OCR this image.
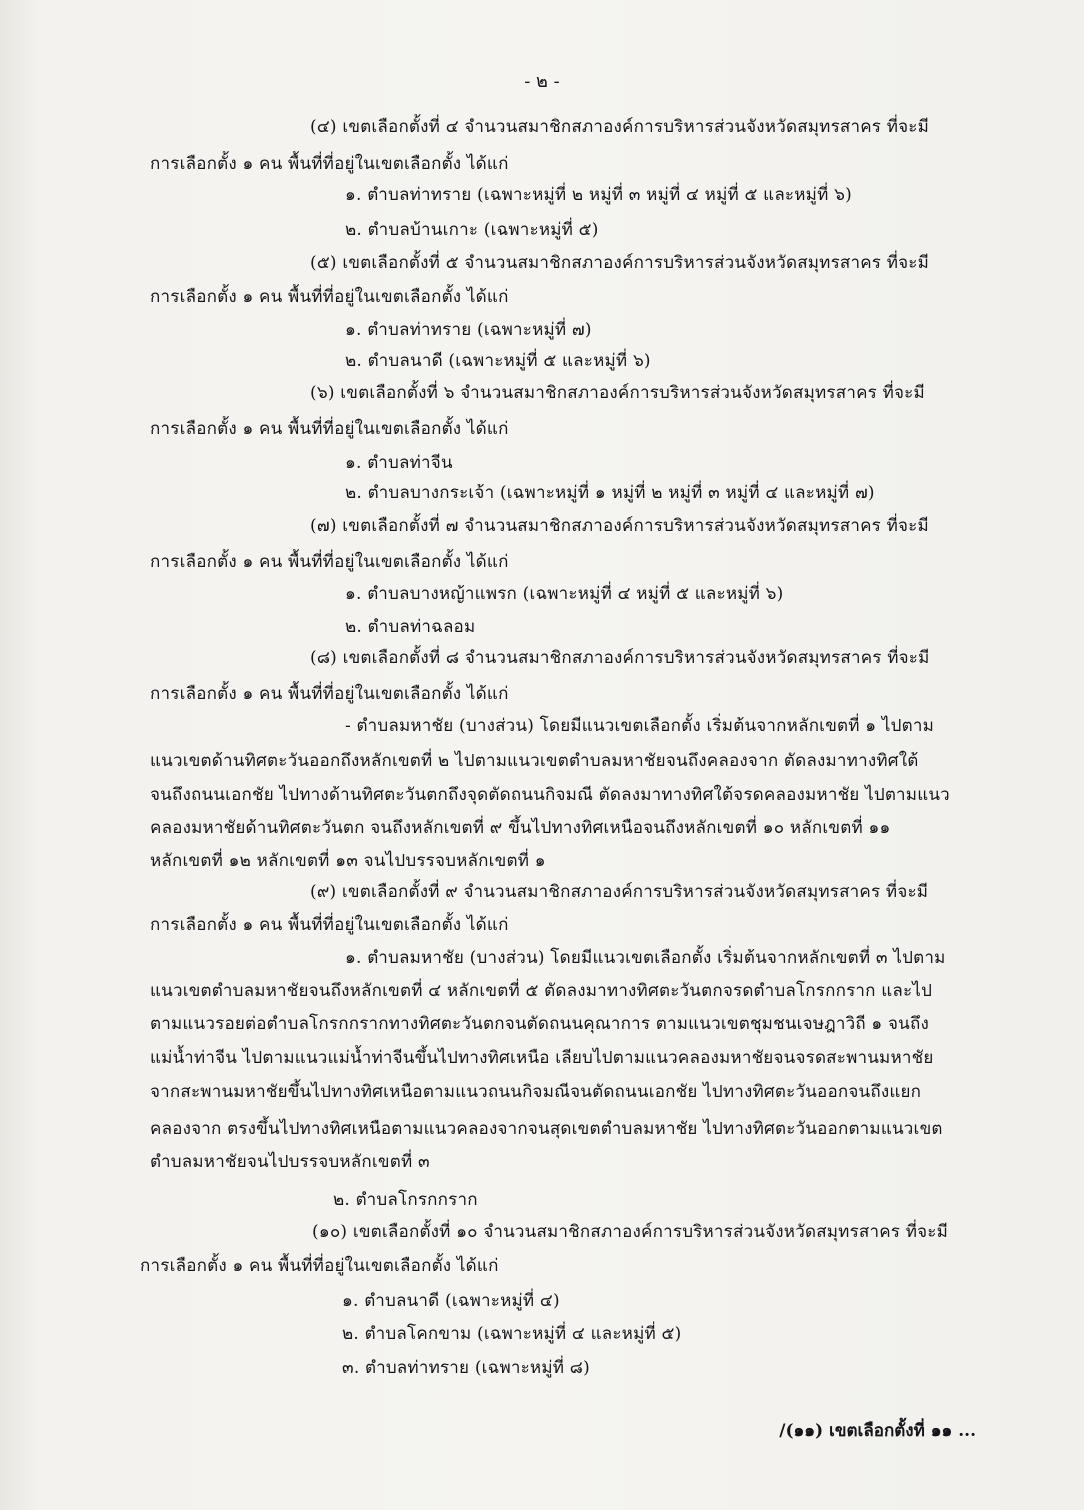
- ๒ -
(๔) เขตเลือกตั้งที่ ๔ จำนวนสมาชิกสภาองค์การบริหารส่วนจังหวัดสมุทรสาคร ที่จะมี
การเลือกตั้ง ๑ คน พื้นที่ที่อยู่ในเขตเลือกตั้ง ได้แก่
๑. ตำบลท่าทราย (เฉพาะหมู่ที่ ๒ หมู่ที่ ๓ หมู่ที่ ๔ หมู่ที่ ๕ และหมู่ที่ ๖)
๒. ตำบลบ้านเกาะ (เฉพาะหมู่ที่ ๕)
(๕) เขตเลือกตั้งที่ ๕ จำนวนสมาชิกสภาองค์การบริหารส่วนจังหวัดสมุทรสาคร ที่จะมี
การเลือกตั้ง ๑ คน พื้นที่ที่อยู่ในเขตเลือกตั้ง ได้แก่
๑. ตำบลท่าทราย (เฉพาะหมู่ที่ ๗)
๒. ตำบลนาดี (เฉพาะหมู่ที่ ๕ และหมู่ที่ ๖)
(๖) เขตเลือกตั้งที่ ๖ จำนวนสมาชิกสภาองค์การบริหารส่วนจังหวัดสมุทรสาคร ที่จะมี
การเลือกตั้ง ๑ คน พื้นที่ที่อยู่ในเขตเลือกตั้ง ได้แก่
๑. ตำบลท่าจีน
๒. ตำบลบางกระเจ้า (เฉพาะหมู่ที่ ๑ หมู่ที่ ๒ หมู่ที่ ๓ หมู่ที่ ๔ และหมู่ที่ ๗)
(๗) เขตเลือกตั้งที่ ๗ จำนวนสมาชิกสภาองค์การบริหารส่วนจังหวัดสมุทรสาคร ที่จะมี
การเลือกตั้ง ๑ คน พื้นที่ที่อยู่ในเขตเลือกตั้ง ได้แก่
๑. ตำบลบางหญ้าแพรก (เฉพาะหมู่ที่ ๔ หมู่ที่ ๕ และหมู่ที่ ๖)
๒. ตำบลท่าฉลอม
(๘) เขตเลือกตั้งที่ ๘ จำนวนสมาชิกสภาองค์การบริหารส่วนจังหวัดสมุทรสาคร ที่จะมี
การเลือกตั้ง ๑ คน พื้นที่ที่อยู่ในเขตเลือกตั้ง ได้แก่
- ตำบลมหาชัย (บางส่วน) โดยมีแนวเขตเลือกตั้ง เริ่มต้นจากหลักเขตที่ ๑ ไปตาม
แนวเขตด้านทิศตะวันออกถึงหลักเขตที่ ๒ ไปตามแนวเขตตำบลมหาชัยจนถึงคลองจาก ตัดลงมาทางทิศใต้
จนถึงถนนเอกชัย ไปทางด้านทิศตะวันตกถึงจุดตัดถนนกิจมณี ตัดลงมาทางทิศใต้จรดคลองมหาชัย ไปตามแนว
คลองมหาชัยด้านทิศตะวันตก จนถึงหลักเขตที่ ๙ ขึ้นไปทางทิศเหนือจนถึงหลักเขตที่ ๑๐ หลักเขตที่ ๑๑
หลักเขตที่ ๑๒ หลักเขตที่ ๑๓ จนไปบรรจบหลักเขตที่ ๑
(๙) เขตเลือกตั้งที่ ๙ จำนวนสมาชิกสภาองค์การบริหารส่วนจังหวัดสมุทรสาคร ที่จะมี
การเลือกตั้ง ๑ คน พื้นที่ที่อยู่ในเขตเลือกตั้ง ได้แก่
๑. ตำบลมหาชัย (บางส่วน) โดยมีแนวเขตเลือกตั้ง เริ่มต้นจากหลักเขตที่ ๓ ไปตาม
แนวเขตตำบลมหาชัยจนถึงหลักเขตที่ ๔ หลักเขตที่ ๕ ตัดลงมาทางทิศตะวันตกจรดตำบลโกรกกราก และไป
ตามแนวรอยต่อตำบลโกรกกรากทางทิศตะวันตกจนตัดถนนคุณาการ ตามแนวเขตชุมชนเจษฎาวิถี ๑ จนถึง
แม่น้ำท่าจีน ไปตามแนวแม่น้ำท่าจีนขึ้นไปทางทิศเหนือ เลียบไปตามแนวคลองมหาชัยจนจรดสะพานมหาชัย
จากสะพานมหาชัยขึ้นไปทางทิศเหนือตามแนวถนนกิจมณีจนตัดถนนเอกชัย ไปทางทิศตะวันออกจนถึงแยก
คลองจาก ตรงขึ้นไปทางทิศเหนือตามแนวคลองจากจนสุดเขตตำบลมหาชัย ไปทางทิศตะวันออกตามแนวเขต
ตำบลมหาชัยจนไปบรรจบหลักเขตที่ ๓
๒. ตำบลโกรกกราก
(๑๐) เขตเลือกตั้งที่ ๑๐ จำนวนสมาชิกสภาองค์การบริหารส่วนจังหวัดสมุทรสาคร ที่จะมี
การเลือกตั้ง ๑ คน พื้นที่ที่อยู่ในเขตเลือกตั้ง ได้แก่
๑. ตำบลนาดี (เฉพาะหมู่ที่ ๔)
๒. ตำบลโคกขาม (เฉพาะหมู่ที่ ๔ และหมู่ที่ ๕)
๓. ตำบลท่าทราย (เฉพาะหมู่ที่ ๘)
/(๑๑) เขตเลือกตั้งที่ ๑๑ ...
